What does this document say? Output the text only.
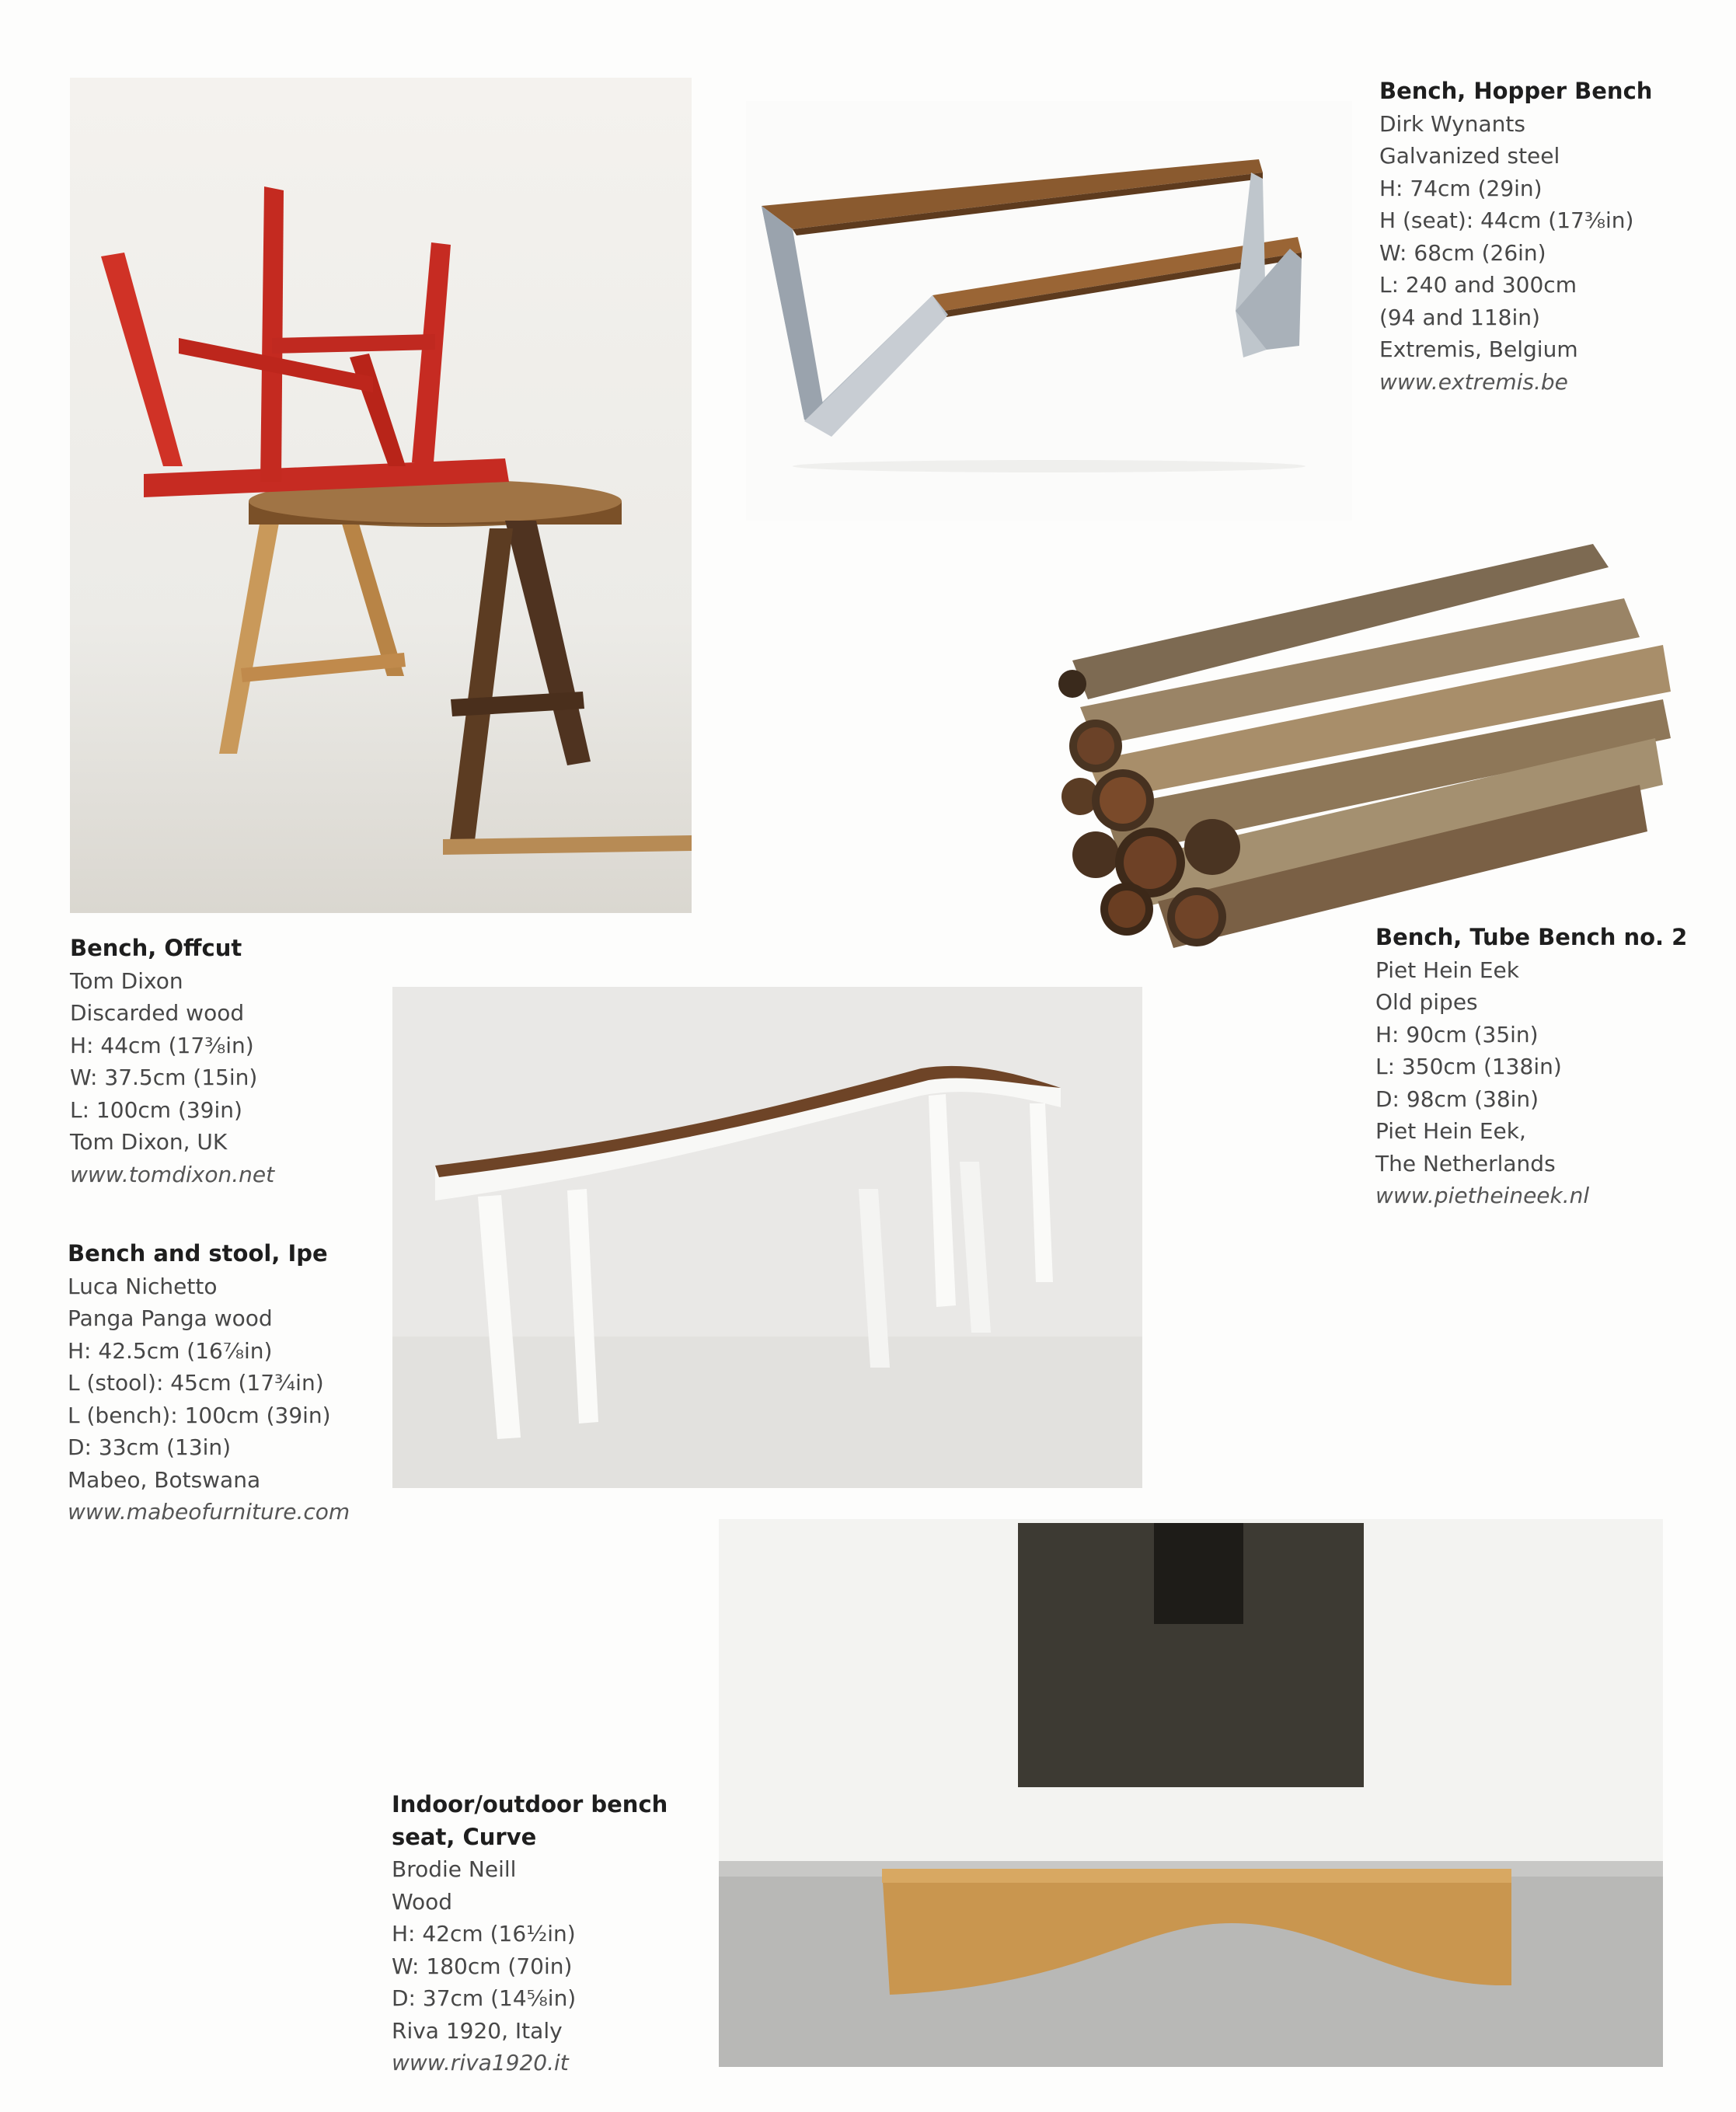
Bench, Offcut
Tom Dixon
Discarded wood
H: 44cm (17⅜in)
W: 37.5cm (15in)
L: 100cm (39in)
Tom Dixon, UK
www.tomdixon.net
Bench, Hopper Bench
Dirk Wynants
Galvanized steel
H: 74cm (29in)
H (seat): 44cm (17⅜in)
W: 68cm (26in)
L: 240 and 300cm
(94 and 118in)
Extremis, Belgium
www.extremis.be
Bench, Tube Bench no. 2
Piet Hein Eek
Old pipes
H: 90cm (35in)
L: 350cm (138in)
D: 98cm (38in)
Piet Hein Eek,
The Netherlands
www.pietheineek.nl
Bench and stool, Ipe
Luca Nichetto
Panga Panga wood
H: 42.5cm (16⅞in)
L (stool): 45cm (17¾in)
L (bench): 100cm (39in)
D: 33cm (13in)
Mabeo, Botswana
www.mabeofurniture.com
Indoor/outdoor bench
seat, Curve
Brodie Neill
Wood
H: 42cm (16½in)
W: 180cm (70in)
D: 37cm (14⅝in)
Riva 1920, Italy
www.riva1920.it
